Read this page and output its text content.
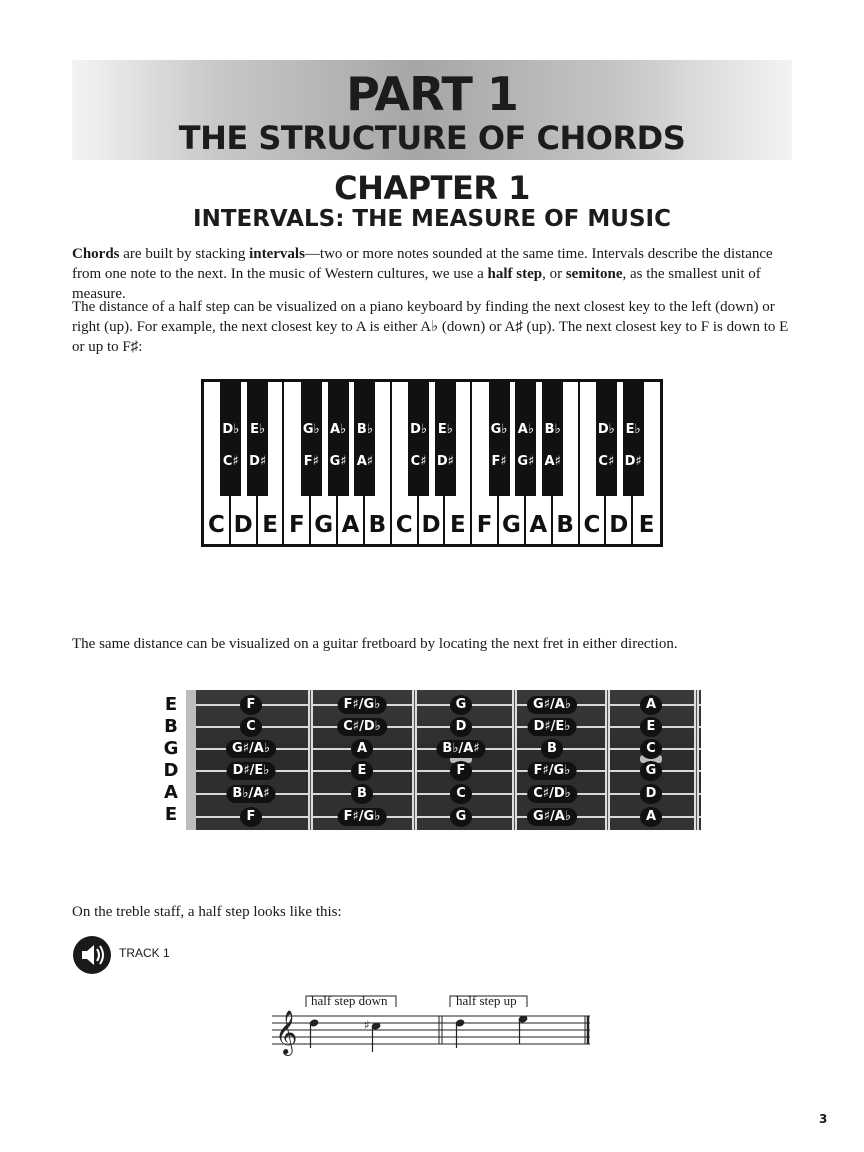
PART 1
THE STRUCTURE OF CHORDS
CHAPTER 1
INTERVALS: THE MEASURE OF MUSIC

Chords are built by stacking intervals—two or more notes sounded at the same time. Intervals describe the distance from one note to the next. In the music of Western cultures, we use a half step, or semitone, as the smallest unit of measure.

The distance of a half step can be visualized on a piano keyboard by finding the next closest key to the left (down) or right (up). For example, the next closest key to A is either A♭ (down) or A♯ (up). The next closest key to F is down to E or up to F♯:

C D E F G A B C D E F G A B C D E
D♭
C♯
E♭
D♯
G♭
F♯
A♭
G♯
B♭
A♯
D♭
C♯
E♭
D♯
G♭
F♯
A♭
G♯
B♭
A♯
D♭
C♯
E♭
D♯

The same distance can be visualized on a guitar fretboard by locating the next fret in either direction.

E
B
G
D
A
E
F
C
G♯/A♭
D♯/E♭
B♭/A♯
F
F♯/G♭
C♯/D♭
A
E
B
F♯/G♭
G
D
B♭/A♯
F
C
G
G♯/A♭
D♯/E♭
B
F♯/G♭
C♯/D♭
G♯/A♭
A
E
C
G
D
A

On the treble staff, a half step looks like this:

TRACK 1
𝄞	♯
half step down	half step up
3
